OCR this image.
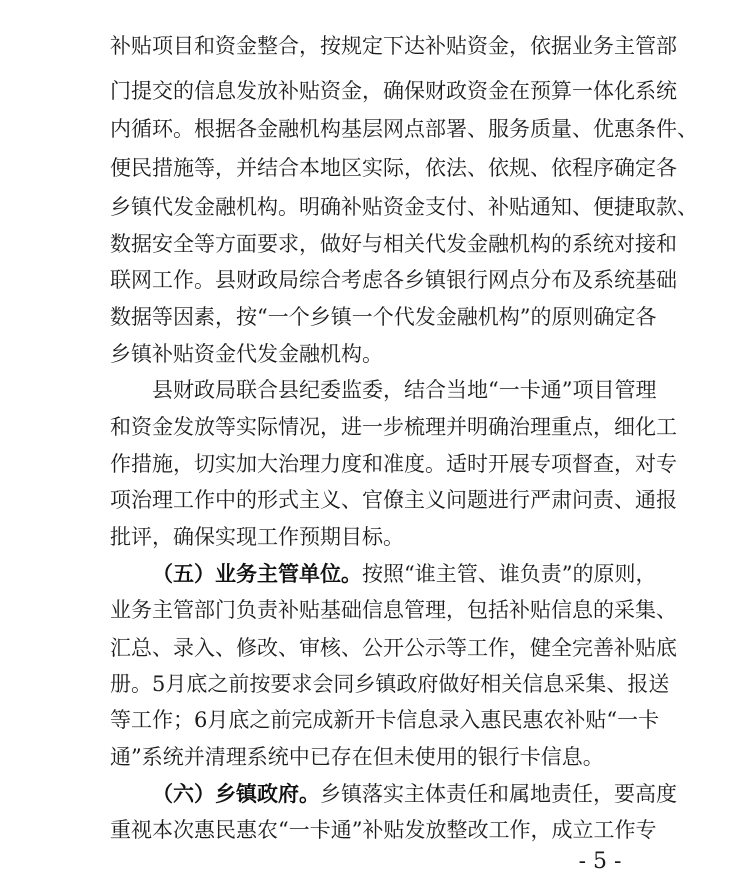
补贴项目和资金整合，按规定下达补贴资金，依据业务主管部
门提交的信息发放补贴资金，确保财政资金在预算一体化系统
内循环。根据各金融机构基层网点部署、服务质量、优惠条件、
便民措施等，并结合本地区实际，依法、依规、依程序确定各
乡镇代发金融机构。明确补贴资金支付、补贴通知、便捷取款、
数据安全等方面要求，做好与相关代发金融机构的系统对接和
联网工作。县财政局综合考虑各乡镇银行网点分布及系统基础
数据等因素，按“一个乡镇一个代发金融机构”的原则确定各
乡镇补贴资金代发金融机构。
县财政局联合县纪委监委，结合当地“一卡通”项目管理
和资金发放等实际情况，进一步梳理并明确治理重点，细化工
作措施，切实加大治理力度和准度。适时开展专项督查，对专
项治理工作中的形式主义、官僚主义问题进行严肃问责、通报
批评，确保实现工作预期目标。
（五）业务主管单位。按照“谁主管、谁负责”的原则，
业务主管部门负责补贴基础信息管理，包括补贴信息的采集、
汇总、录入、修改、审核、公开公示等工作，健全完善补贴底
册。5月底之前按要求会同乡镇政府做好相关信息采集、报送
等工作；6月底之前完成新开卡信息录入惠民惠农补贴“一卡
通”系统并清理系统中已存在但未使用的银行卡信息。
（六）乡镇政府。乡镇落实主体责任和属地责任，要高度
重视本次惠民惠农“一卡通”补贴发放整改工作，成立工作专
- 5 -
